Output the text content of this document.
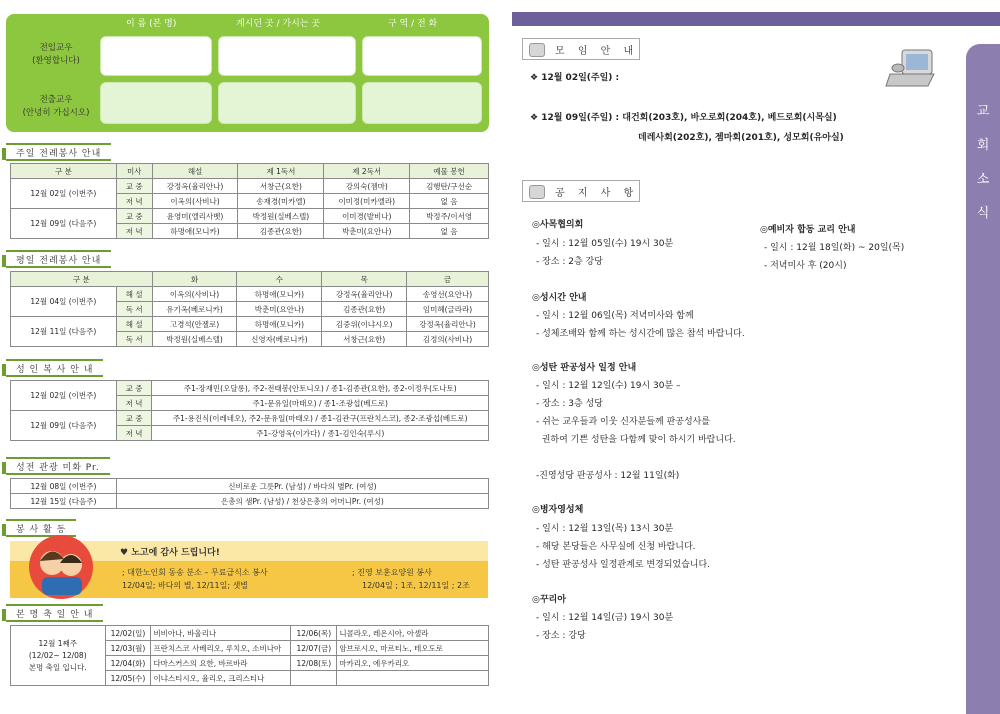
이 름 (본 명)	계시던 곳 / 가시는 곳	구 역 / 전 화
전입교우
(환영합니다)
전출교우
(안녕히 가십시오)
주일 전례봉사 안내
구 분	미사	해설	제 1독서	제 2독서	예물 봉헌
12월 02일 (이번주)	교 중	강정옥(율리안나)	서창근(요한)	강의숙(젬마)	김행탄/구선순
	저 녁	이옥의(사비나)	송재경(미카엘)	이미정(미카엘라)	없 음
12월 09일 (다음주)	교 중	윤영미(엘리사벳)	박정원(실베스텔)	이미경(발비나)	박정주/이서영
	저 녁	하명애(모니카)	김종관(요한)	박춘미(요안나)	없 음
평일 전례봉사 안내
구 분		화	수	목	금
12월 04일 (이번주)	해 설	이옥의(사비나)	하명애(모니카)	강정옥(율리안나)	송영선(요안나)
	독 서	유기옥(베로니카)	박춘미(요안나)	김종관(요한)	임미혜(글라라)
12월 11일 (다음주)	해 설	고경석(안젤로)	하명애(모니카)	김중위(이냐시오)	강정옥(율리안나)
	독 서	박정원(실베스텔)	신영자(베로니카)	서창근(요한)	김정의(사비나)
성 인 복 사 안 내
12월 02일 (이번주)	교 중	주1-장재민(오달롱), 주2-전태봉(안토니오) / 종1-김종관(요한), 종2-이정우(도나토)
	저 녁	주1-문유일(마태오) / 종1-조광섭(베드로)
12월 09일 (다음주)	교 중	주1-용진식(이레네오), 주2-문유일(마태오) / 종1-김관구(프란치스코), 종2-조광섭(베드로)
	저 녁	주1-강영욱(이가다) / 종1-김인숙(루시)
성전 관광 미화 Pr.
12월 08일 (이번주)	신비로운 그릇Pr. (남성) / 바다의 별Pr. (여성)
12월 15일 (다음주)	은총의 샘Pr. (남성) / 천상은총의 어머니Pr. (여성)
봉 사 활 동
♥ 노고에 감사 드립니다!
; 대한노인회 동송 분소 – 무료급식소 봉사
12/04일; 바다의 별, 12/11일; 샛별
; 진영 보훈요양원 봉사
12/04일 ; 1조, 12/11일 ; 2조
본 명 축 일 안 내
12월 1째주
(12/02~ 12/08)
본명 축일 입니다.	12/02(일)	비비아나, 바울리나	12/06(목)	니콜라오, 레온시아, 아셀라
	12/03(월)	프란치스코 사베리오, 루치오, 소비나아	12/07(금)	암브로시오, 마르티노, 테오도로
	12/04(화)	다마스커스의 요한, 바르바라	12/08(토)	마카리오, 에우카리오
	12/05(수)	이냐스티시오, 율리오, 크리스티나		
교
회
소
식
모 임 안 내
❖ 12월 02일(주일) :
❖ 12월 09일(주일) : 대건회(203호), 바오로회(204호), 베드로회(시목실)
데레사회(202호), 젬마회(201호), 성모회(유아실)
공 지 사 항
◎사목협의회
- 일시 : 12월 05일(수) 19시 30분
- 장소 : 2층 강당
◎예비자 합동 교리 안내
- 일시 : 12월 18일(화) ~ 20일(목)
- 저녁미사 후 (20시)
◎성시간 안내
- 일시 : 12월 06일(목) 저녁미사와 함께
- 성체조배와 함께 하는 성시간에 많은 참석 바랍니다.
◎성탄 판공성사 일정 안내
- 일시 : 12월 12일(수) 19시 30분 –
- 장소 : 3층 성당
- 쉬는 교우들과 이웃 신자분들께 판공성사를
권하여 기쁜 성탄을 다함께 맞이 하시기 바랍니다.
-진영성당 판공성사 : 12월 11일(화)
◎병자영성체
- 일시 : 12월 13일(목) 13시 30분
- 해당 본당들은 사무실에 신청 바랍니다.
- 성탄 판공성사 일정관계로 변경되었습니다.
◎꾸리아
- 일시 : 12월 14일(금) 19시 30분
- 장소 : 강당
